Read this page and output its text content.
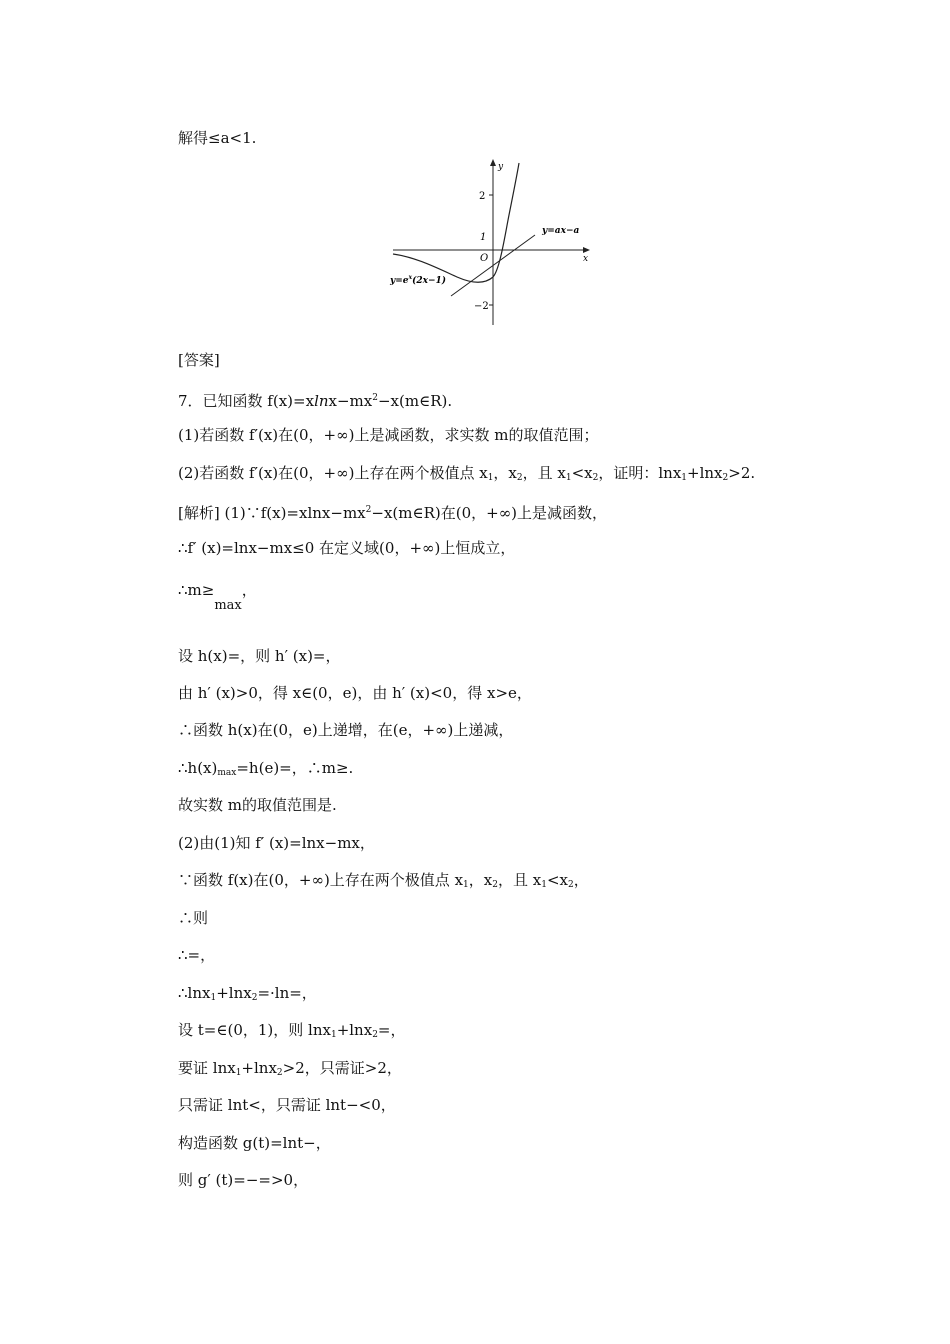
解得≤a<1.
y
x
O
2
1
−2
$y=e^x(2x-1)$
y=ax−a
[答案]
7．已知函数 $f(x)=xlnx-mx^2-x(m\in R)$.
(1)若函数 f′(x)在(0，+∞)上是减函数，求实数 m的取值范围；
(2)若函数 f′(x)在(0，+∞)上存在两个极值点 $x_1$，$x_2$，且 $x_1<x_2$，证明：lnx$_1$+lnx$_2$>2.
[解析] $(1)\because f(x)=xlnx-mx^2-x(m\in R)$在(0，+∞)上是减函数，
∴f′ (x)=lnx−mx≤0 在定义域(0，+∞)上恒成立，
∴m≥max，
设 h(x)=，则 h′ (x)=，
由 h′ (x)>0，得 x∈(0，e)，由 h′ (x)<0，得 x>e，
∴函数 h(x)在(0，e)上递增，在(e，+∞)上递减，
$\therefore h(x)_{max}=h(e)=$，∴m≥.
故实数 m的取值范围是.
(2)由(1)知 f′ (x)=lnx−mx，
∵函数 f(x)在(0，+∞)上存在两个极值点 $x_1$，$x_2$，且 $x_1<x_2$，
∴则
∴=，
∴lnx$_1$+lnx$_2$=·ln=，
设 t=∈(0，1)，则 lnx$_1$+lnx$_2$=，
要证 lnx$_1$+lnx$_2$>2，只需证>2，
只需证 lnt<，只需证 lnt−<0，
构造函数 g(t)=lnt−，
则 g′ (t)=−=>0，
